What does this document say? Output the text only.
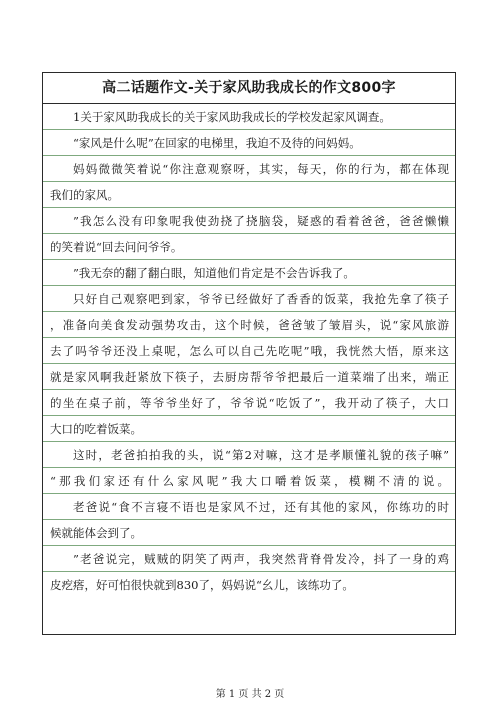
高二话题作文-关于家风助我成长的作文800字
1关于家风助我成长的关于家风助我成长的学校发起家风调查。
“家风是什么呢”在回家的电梯里，我迫不及待的问妈妈。
妈妈微微笑着说“你注意观察呀，其实，每天，你的行为，都在体现
我们的家风。
”我怎么没有印象呢我使劲挠了挠脑袋，疑惑的看着爸爸，爸爸懒懒
的笑着说“回去问问爷爷。
”我无奈的翻了翻白眼，知道他们肯定是不会告诉我了。
只好自己观察吧到家，爷爷已经做好了香香的饭菜，我抢先拿了筷子
，准备向美食发动强势攻击，这个时候，爸爸皱了皱眉头，说“家风旅游
去了吗爷爷还没上桌呢，怎么可以自己先吃呢”哦，我恍然大悟，原来这
就是家风啊我赶紧放下筷子，去厨房帮爷爷把最后一道菜端了出来，端正
的坐在桌子前，等爷爷坐好了，爷爷说“吃饭了”，我开动了筷子，大口
大口的吃着饭菜。
这时，老爸拍拍我的头，说“第2对嘛，这才是孝顺懂礼貌的孩子嘛”
“那我们家还有什么家风呢”我大口嚼着饭菜，模糊不清的说。
老爸说“食不言寝不语也是家风不过，还有其他的家风，你练功的时
候就能体会到了。
”老爸说完，贼贼的阴笑了两声，我突然背脊骨发冷，抖了一身的鸡
皮疙瘩，好可怕很快就到830了，妈妈说“幺儿，该练功了。
第 1 页 共 2 页
